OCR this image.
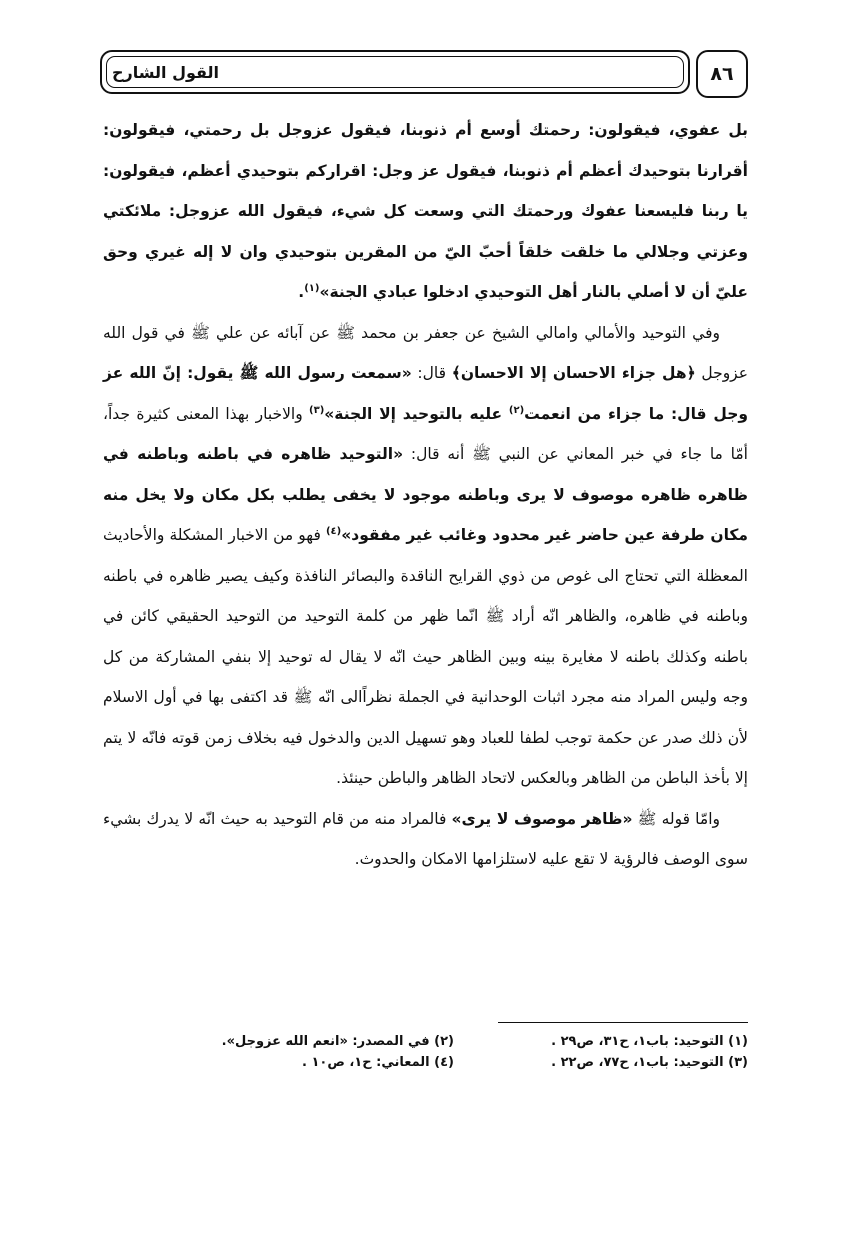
القول الشارح	٨٦

بل عفوي، فيقولون: رحمتك أوسع أم ذنوبنا، فيقول عزوجل بل رحمتي، فيقولون: أقرارنا بتوحيدك أعظم أم ذنوبنا، فيقول عز وجل: اقراركم بتوحيدي أعظم، فيقولون: يا ربنا فليسعنا عفوك ورحمتك التي وسعت كل شيء، فيقول الله عزوجل: ملائكتي وعزتي وجلالي ما خلقت خلقاً أحبّ اليّ من المقرين بتوحيدي وان لا إله غيري وحق عليّ أن لا أصلي بالنار أهل التوحيدي ادخلوا عبادي الجنة»$^{(١)}$.

وفي التوحيد والأمالي وامالي الشيخ عن جعفر بن محمد ﷺ عن آبائه عن علي ﷺ في قول الله عزوجل ﴿هل جزاء الاحسان إلا الاحسان﴾ قال: «سمعت رسول الله ﷺ يقول: إنّ الله عز وجل قال: ما جزاء من انعمت$^{(٢)}$ عليه بالتوحيد إلا الجنة»$^{(٣)}$ والاخبار بهذا المعنى كثيرة جداً، أمّا ما جاء في خبر المعاني عن النبي ﷺ أنه قال: «التوحيد ظاهره في باطنه وباطنه في ظاهره ظاهره موصوف لا يرى وباطنه موجود لا يخفى يطلب بكل مكان ولا يخل منه مكان طرفة عين حاضر غير محدود وغائب غير مفقود»$^{(٤)}$ فهو من الاخبار المشكلة والأحاديث المعظلة التي تحتاج الى غوص من ذوي القرايح الناقدة والبصائر النافذة وكيف يصير ظاهره في باطنه وباطنه في ظاهره، والظاهر انّه أراد ﷺ انّما ظهر من كلمة التوحيد من التوحيد الحقيقي كائن في باطنه وكذلك باطنه لا مغايرة بينه وبين الظاهر حيث انّه لا يقال له توحيد إلا بنفي المشاركة من كل وجه وليس المراد منه مجرد اثبات الوحدانية في الجملة نظراًالى انّه ﷺ قد اكتفى بها في أول الاسلام لأن ذلك صدر عن حكمة توجب لطفا للعباد وهو تسهيل الدين والدخول فيه بخلاف زمن قوته فانّه لا يتم إلا بأخذ الباطن من الظاهر وبالعكس لاتحاد الظاهر والباطن حينئذ.

وامّا قوله ﷺ «ظاهر موصوف لا يرى» فالمراد منه من قام التوحيد به حيث انّه لا يدرك بشيء سوى الوصف فالرؤية لا تقع عليه لاستلزامها الامكان والحدوث.

(١) التوحيد: باب١، ح٣١، ص٢٩ .
(٢) في المصدر: «انعم الله عزوجل».
(٣) التوحيد: باب١، ح٧٧، ص٢٢ .
(٤) المعاني: ح١، ص١٠ .
